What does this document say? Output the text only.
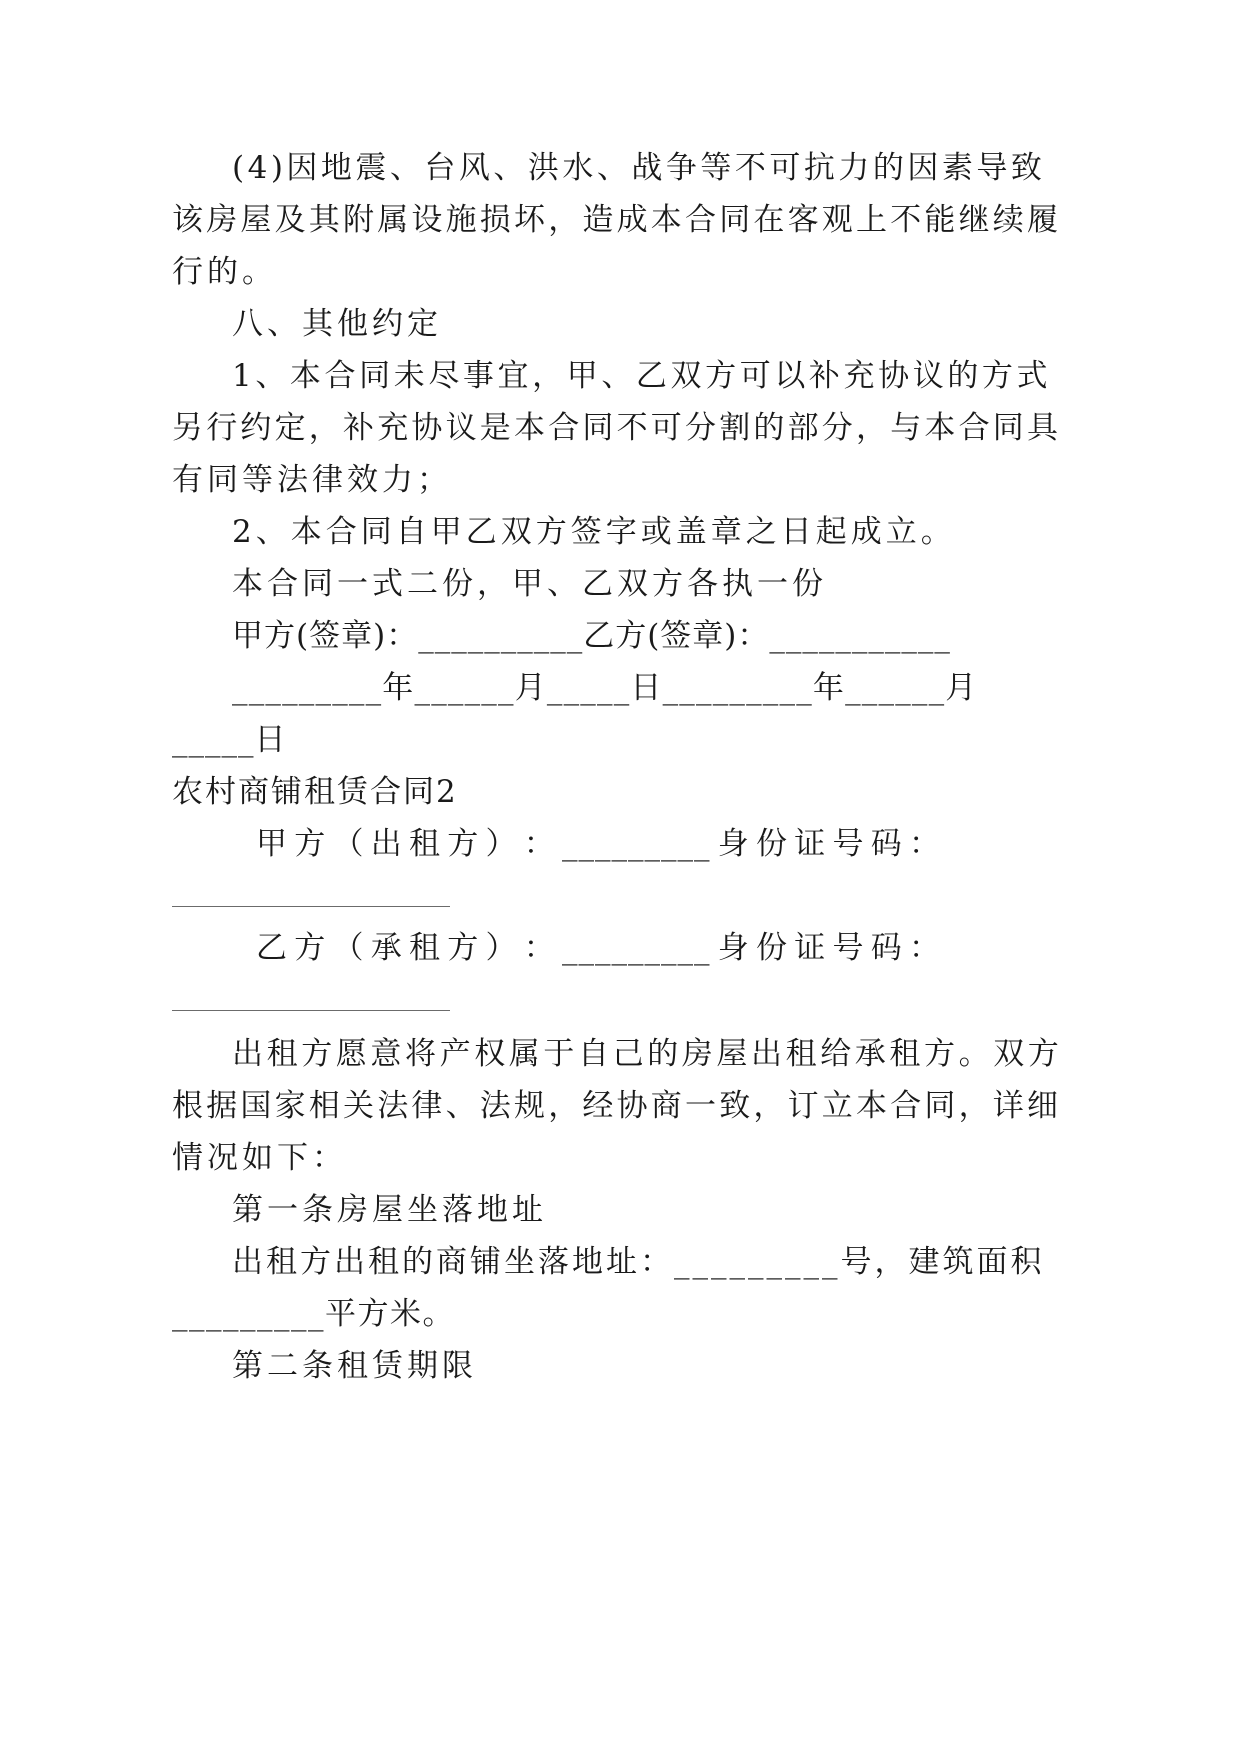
(4)因地震、台风、洪水、战争等不可抗力的因素导致
该房屋及其附属设施损坏，造成本合同在客观上不能继续履
行的。
八、其他约定
1、本合同未尽事宜，甲、乙双方可以补充协议的方式
另行约定，补充协议是本合同不可分割的部分，与本合同具
有同等法律效力；
2、本合同自甲乙双方签字或盖章之日起成立。
本合同一式二份，甲、乙双方各执一份
甲方(签章)：__________乙方(签章)：___________
_________年______月_____日_________年______月
_____日
农村商铺租赁合同2
甲 方 （ 出 租 方 ） ： _________ 身 份 证 号 码 ：
乙 方 （ 承 租 方 ） ： _________ 身 份 证 号 码 ：
出租方愿意将产权属于自己的房屋出租给承租方。双方
根据国家相关法律、法规，经协商一致，订立本合同，详细
情况如下：
第一条房屋坐落地址
出租方出租的商铺坐落地址：_________号，建筑面积
_________平方米。
第二条租赁期限
